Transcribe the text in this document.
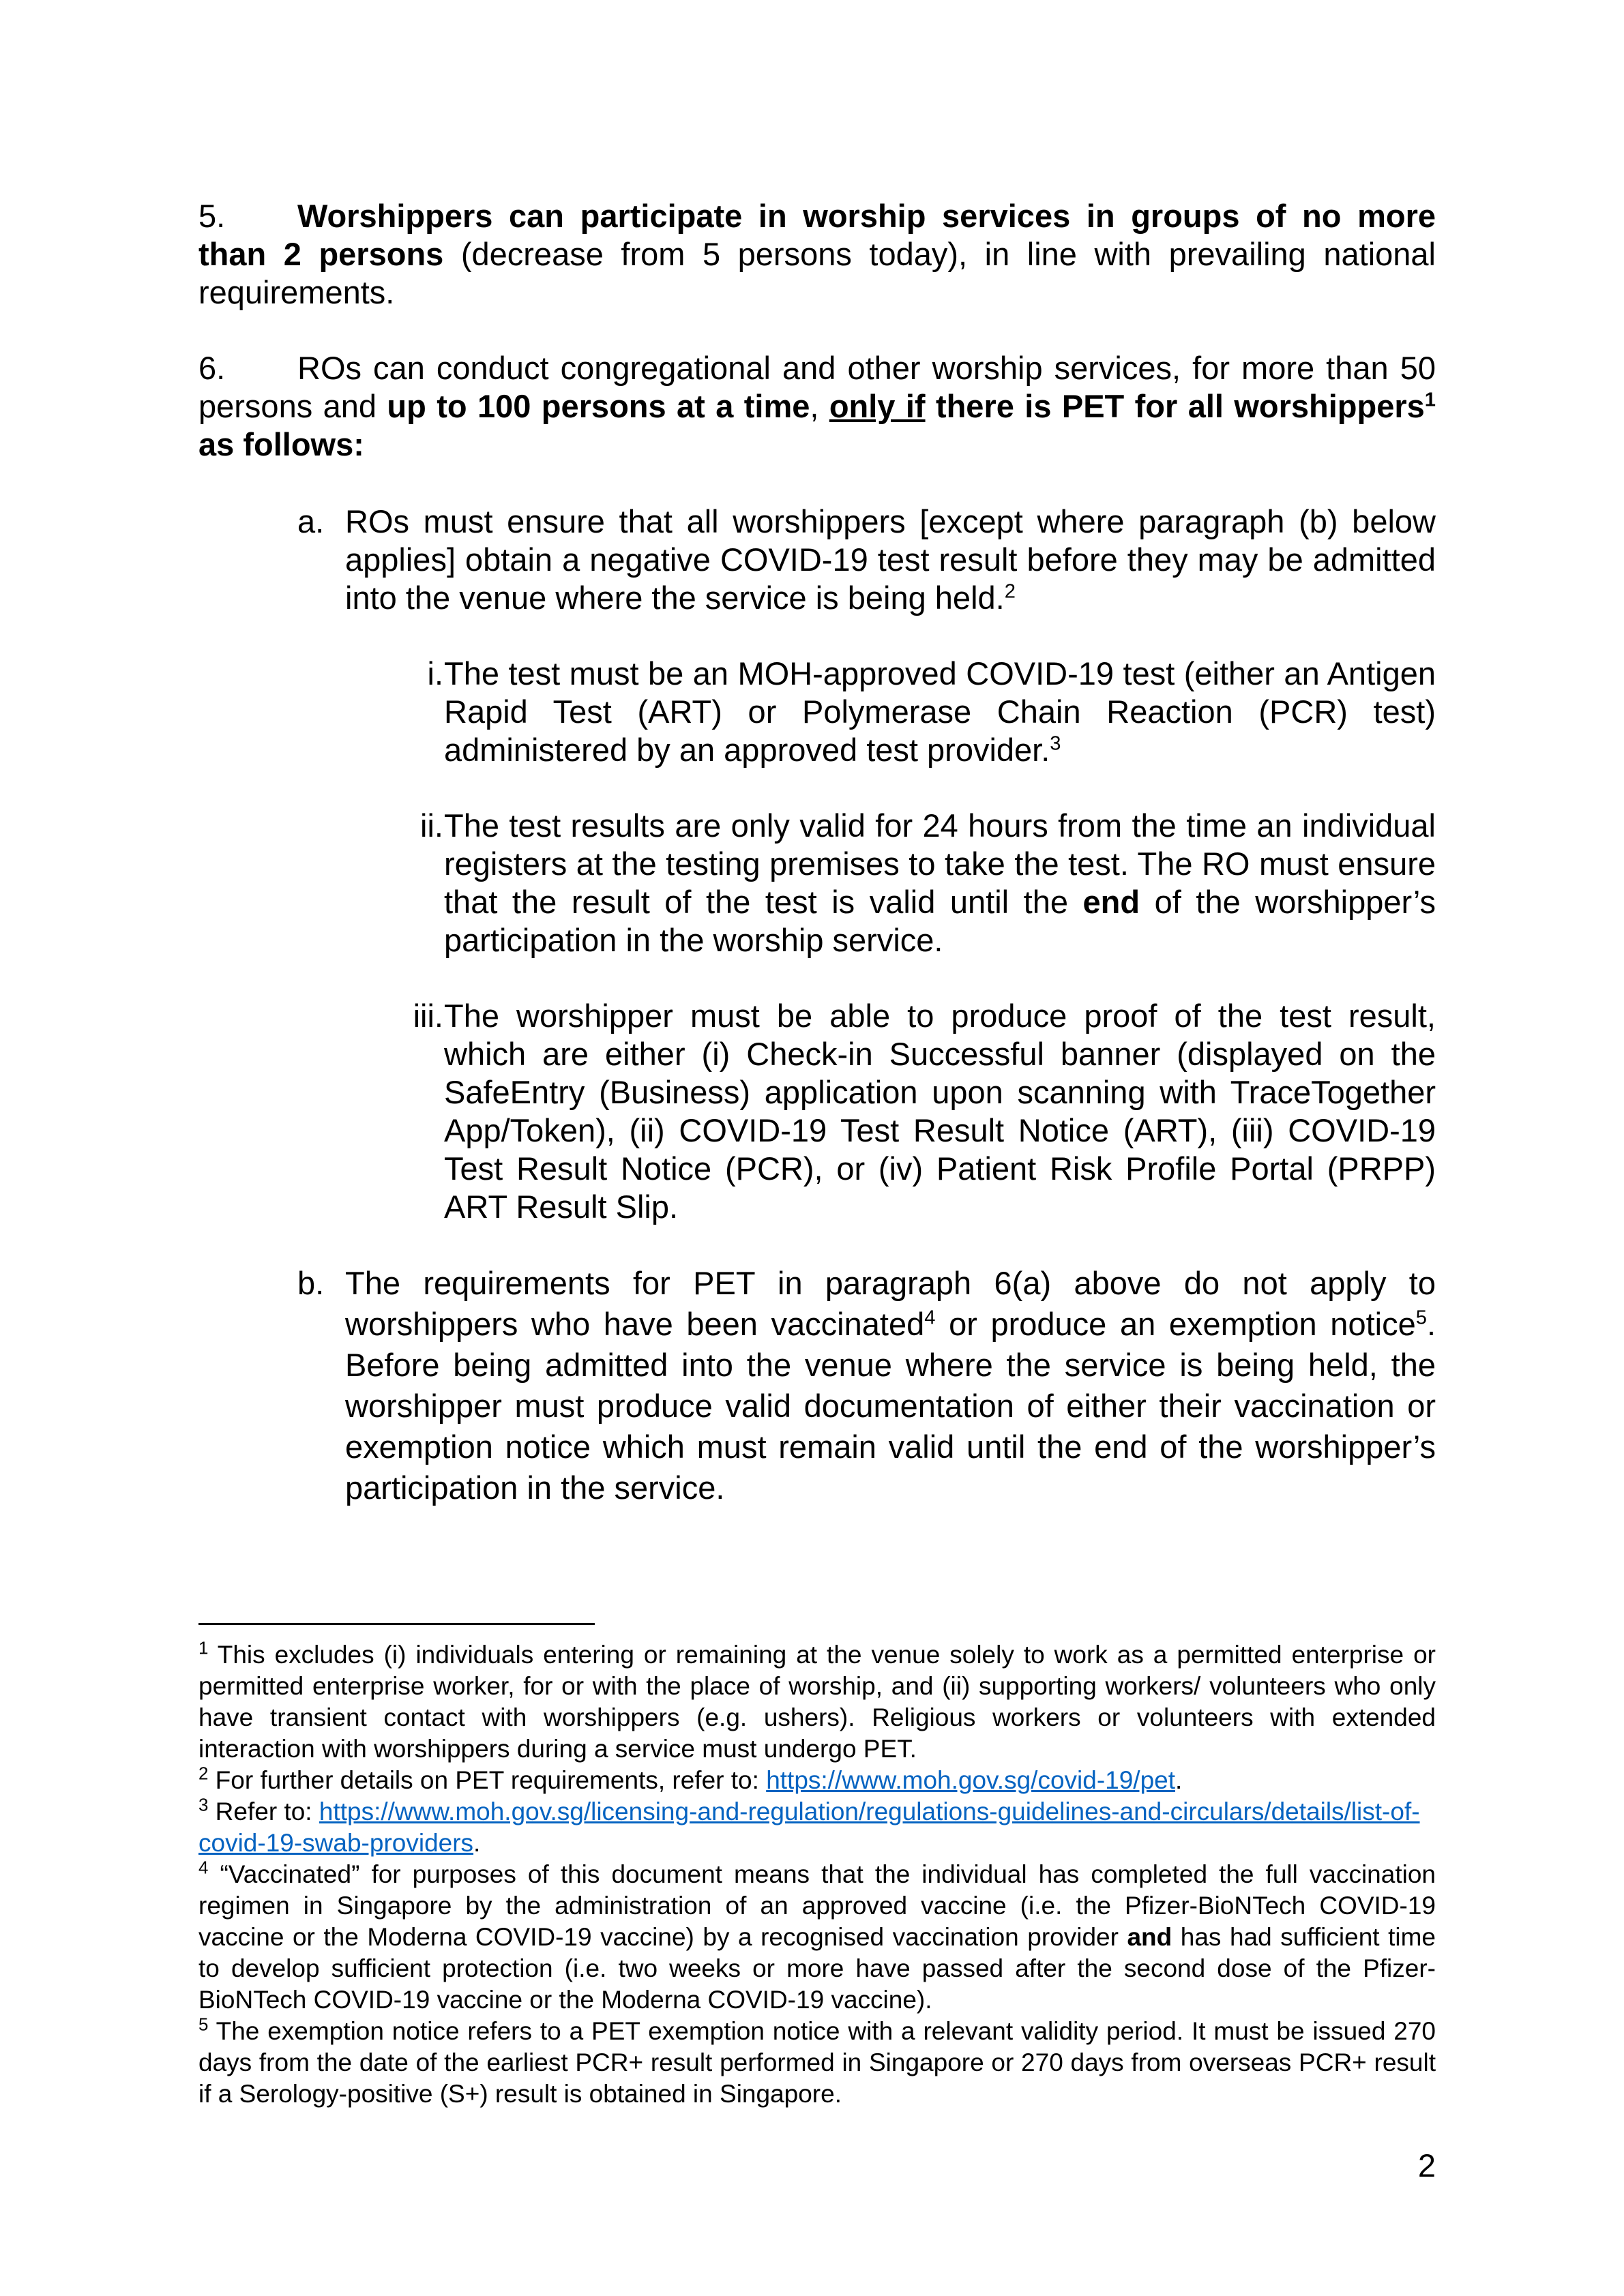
5. Worshippers can participate in worship services in groups of no more than 2 persons (decrease from 5 persons today), in line with prevailing national requirements.
6. ROs can conduct congregational and other worship services, for more than 50 persons and up to 100 persons at a time, only if there is PET for all worshippers$^1$ as follows:
a. ROs must ensure that all worshippers [except where paragraph (b) below applies] obtain a negative COVID-19 test result before they may be admitted into the venue where the service is being held.$^2$
i. The test must be an MOH-approved COVID-19 test (either an Antigen Rapid Test (ART) or Polymerase Chain Reaction (PCR) test) administered by an approved test provider.$^3$
ii. The test results are only valid for 24 hours from the time an individual registers at the testing premises to take the test. The RO must ensure that the result of the test is valid until the end of the worshipper’s participation in the worship service.
iii. The worshipper must be able to produce proof of the test result, which are either (i) Check-in Successful banner (displayed on the SafeEntry (Business) application upon scanning with TraceTogether App/Token), (ii) COVID-19 Test Result Notice (ART), (iii) COVID-19 Test Result Notice (PCR), or (iv) Patient Risk Profile Portal (PRPP) ART Result Slip.
b. The requirements for PET in paragraph 6(a) above do not apply to worshippers who have been vaccinated$^4$ or produce an exemption notice$^5$. Before being admitted into the venue where the service is being held, the worshipper must produce valid documentation of either their vaccination or exemption notice which must remain valid until the end of the worshipper’s participation in the service.
$^1$ This excludes (i) individuals entering or remaining at the venue solely to work as a permitted enterprise or permitted enterprise worker, for or with the place of worship, and (ii) supporting workers/ volunteers who only have transient contact with worshippers (e.g. ushers). Religious workers or volunteers with extended interaction with worshippers during a service must undergo PET.
$^2$ For further details on PET requirements, refer to: https://www.moh.gov.sg/covid-19/pet.
$^3$ Refer to: https://www.moh.gov.sg/licensing-and-regulation/regulations-guidelines-and-circulars/details/list-of-covid-19-swab-providers.
$^4$ “Vaccinated” for purposes of this document means that the individual has completed the full vaccination regimen in Singapore by the administration of an approved vaccine (i.e. the Pfizer-BioNTech COVID-19 vaccine or the Moderna COVID-19 vaccine) by a recognised vaccination provider and has had sufficient time to develop sufficient protection (i.e. two weeks or more have passed after the second dose of the Pfizer-BioNTech COVID-19 vaccine or the Moderna COVID-19 vaccine).
$^5$ The exemption notice refers to a PET exemption notice with a relevant validity period. It must be issued 270 days from the date of the earliest PCR+ result performed in Singapore or 270 days from overseas PCR+ result if a Serology-positive (S+) result is obtained in Singapore.
2
